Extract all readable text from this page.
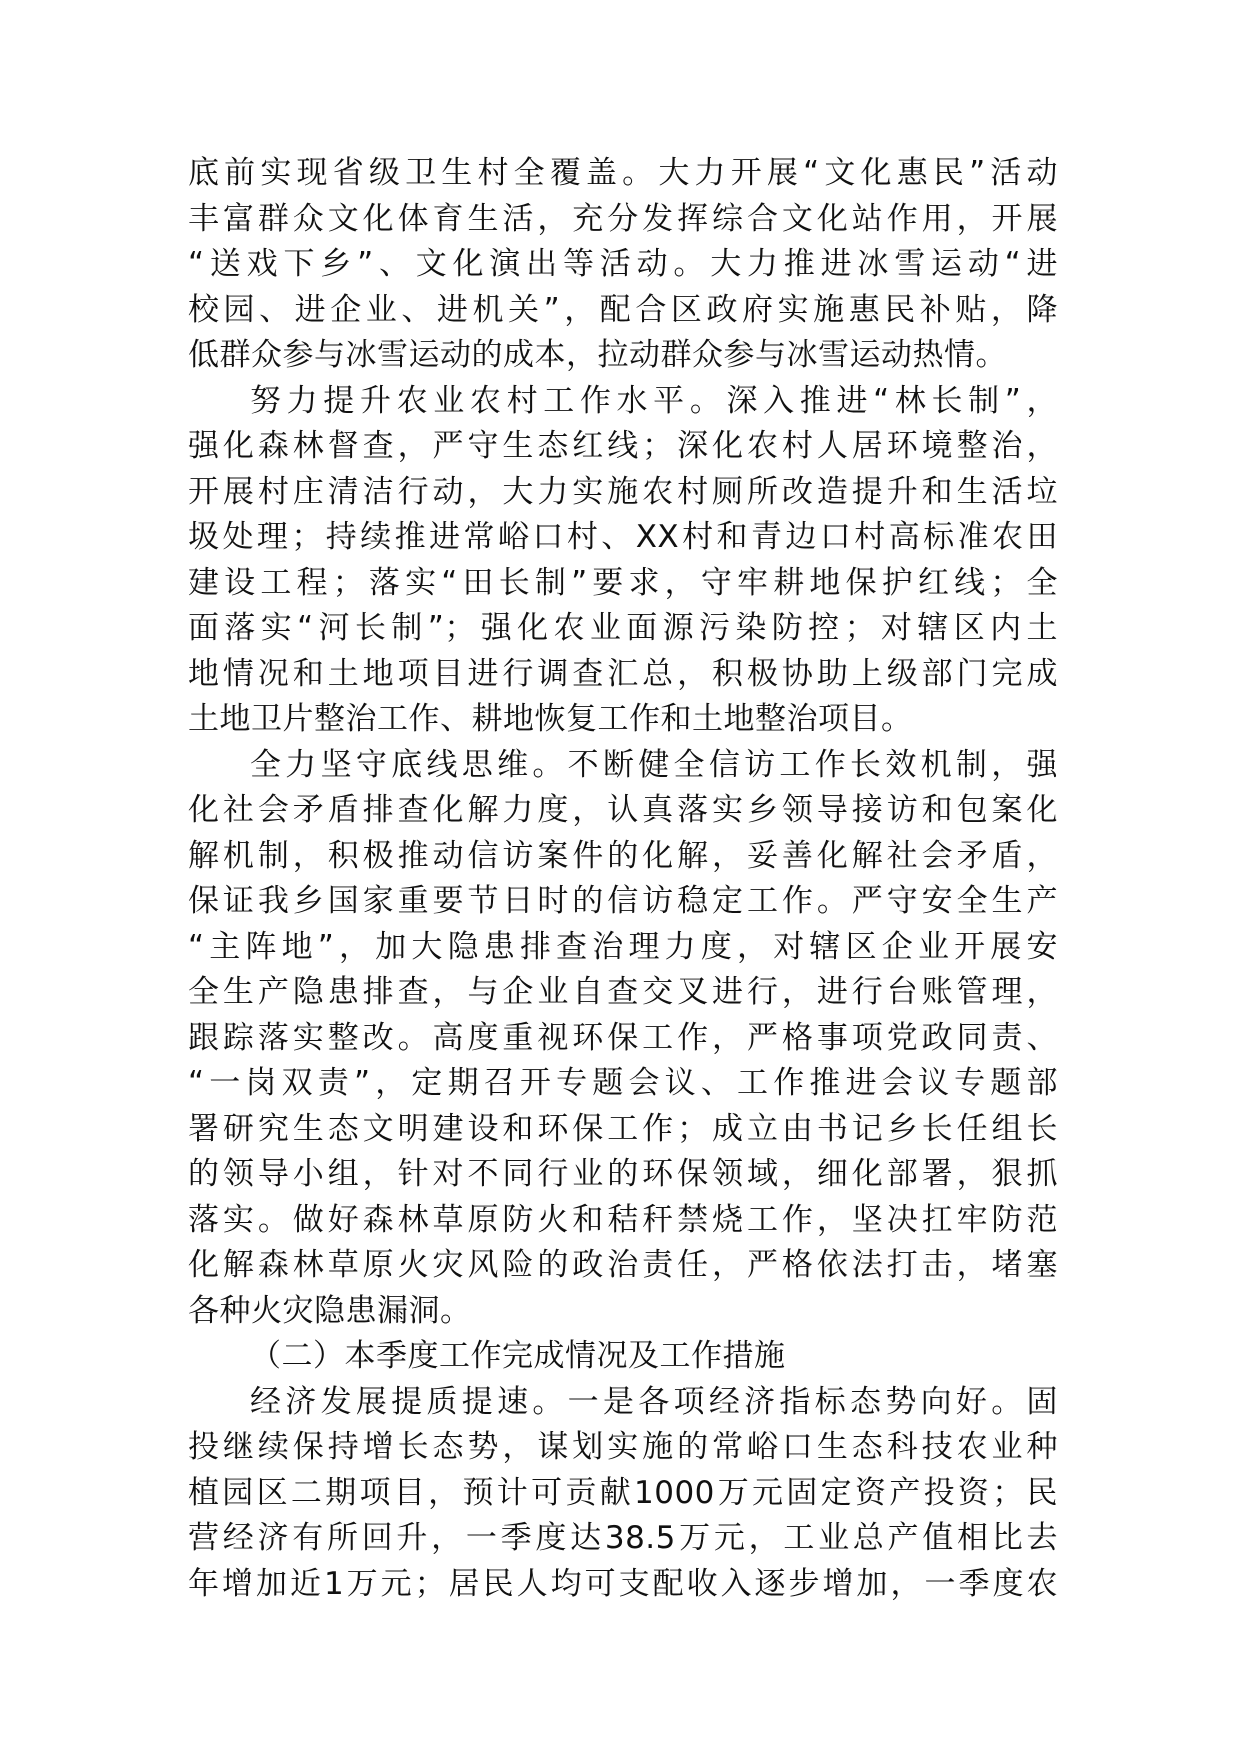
底前实现省级卫生村全覆盖。大力开展“文化惠民”活动
丰富群众文化体育生活，充分发挥综合文化站作用，开展
“送戏下乡”、文化演出等活动。大力推进冰雪运动“进
校园、进企业、进机关”，配合区政府实施惠民补贴，降
低群众参与冰雪运动的成本，拉动群众参与冰雪运动热情。
努力提升农业农村工作水平。深入推进“林长制”，
强化森林督查，严守生态红线；深化农村人居环境整治，
开展村庄清洁行动，大力实施农村厕所改造提升和生活垃
圾处理；持续推进常峪口村、XX村和青边口村高标准农田
建设工程；落实“田长制”要求，守牢耕地保护红线；全
面落实“河长制”；强化农业面源污染防控；对辖区内土
地情况和土地项目进行调查汇总，积极协助上级部门完成
土地卫片整治工作、耕地恢复工作和土地整治项目。
全力坚守底线思维。不断健全信访工作长效机制，强
化社会矛盾排查化解力度，认真落实乡领导接访和包案化
解机制，积极推动信访案件的化解，妥善化解社会矛盾，
保证我乡国家重要节日时的信访稳定工作。严守安全生产
“主阵地”，加大隐患排查治理力度，对辖区企业开展安
全生产隐患排查，与企业自查交叉进行，进行台账管理，
跟踪落实整改。高度重视环保工作，严格事项党政同责、
“一岗双责”，定期召开专题会议、工作推进会议专题部
署研究生态文明建设和环保工作；成立由书记乡长任组长
的领导小组，针对不同行业的环保领域，细化部署，狠抓
落实。做好森林草原防火和秸秆禁烧工作，坚决扛牢防范
化解森林草原火灾风险的政治责任，严格依法打击，堵塞
各种火灾隐患漏洞。
（二）本季度工作完成情况及工作措施
经济发展提质提速。一是各项经济指标态势向好。固
投继续保持增长态势，谋划实施的常峪口生态科技农业种
植园区二期项目，预计可贡献1000万元固定资产投资；民
营经济有所回升，一季度达38.5万元，工业总产值相比去
年增加近1万元；居民人均可支配收入逐步增加，一季度农
